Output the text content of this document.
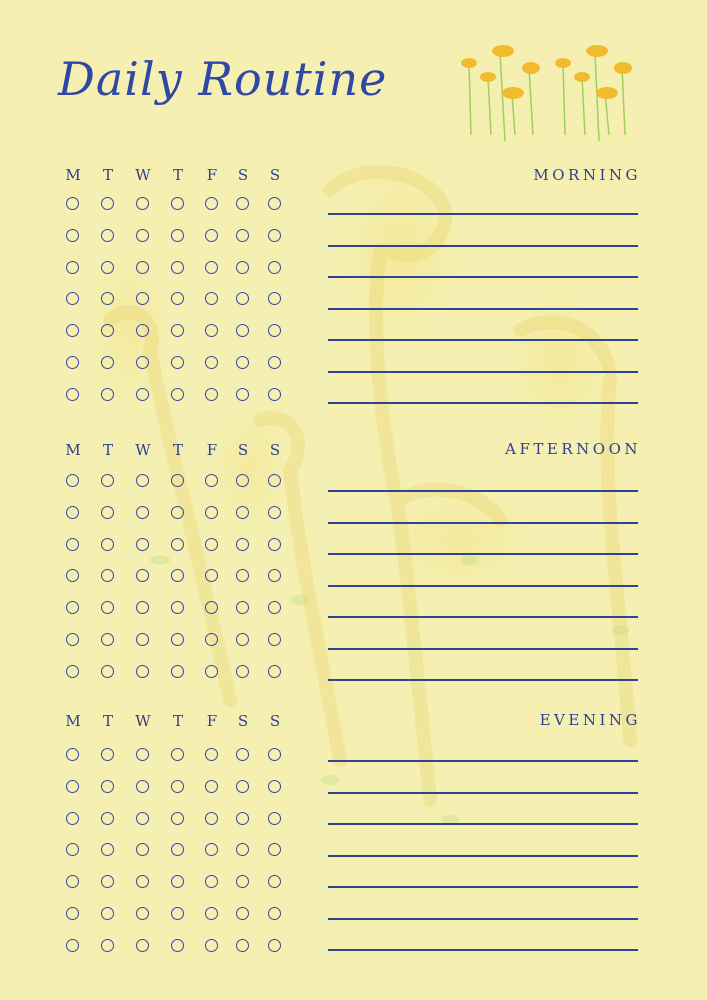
Daily Routine
M	T	W	T	F	S	S	MORNING
M	T	W	T	F	S	S	AFTERNOON
M	T	W	T	F	S	S	EVENING
